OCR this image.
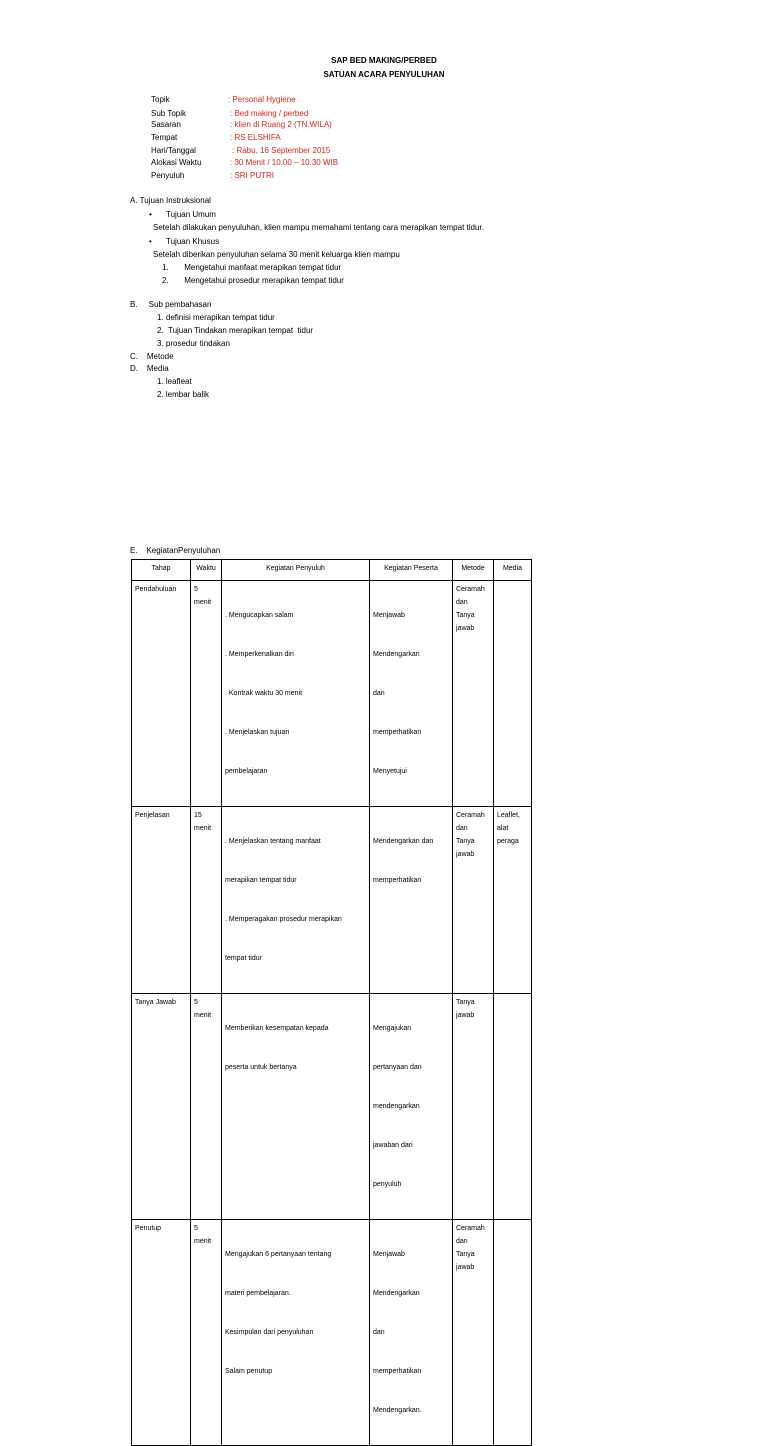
SAP BED MAKING/PERBED
SATUAN ACARA PENYULUHAN
Topik	: Personal Hygiene
Sub Topik	: Bed making / perbed
Sasaran	: klien di Ruang 2 (TN.WILA)
Tempat	: RS ELSHIFA
Hari/Tanggal	: Rabu, 16 September 2015
Alokasi Waktu	: 30 Menit / 10.00 – 10.30 WIB
Penyuluh	: SRI PUTRI
A. Tujuan Instruksional
• Tujuan Umum
Setelah dilakukan penyuluhan, klien mampu memahami tentang cara merapikan tempat tidur.
• Tujuan Khusus
Setelah diberikan penyuluhan selama 30 menit keluarga klien mampu
1.       Mengetahui manfaat merapikan tempat tidur
2.       Mengetahui prosedur merapikan tempat tidur
B.     Sub pembahasan
1. definisi merapikan tempat tidur
2.  Tujuan Tindakan merapikan tempat  tidur
3. prosedur tindakan
C.    Metode
D.    Media
1. leafleat
2. lembar balik
E.    KegiatanPenyuluhan
Tahap	Waktu	Kegiatan Penyuluh	Kegiatan Peserta	Metode	Media
Pendahuluan	5
menit	. Mengucapkan salam

. Memperkenalkan diri

. Kontrak waktu 30 menit

. Menjelaskan tujuan

pembelajaran	Menjawab

Mendengarkan

dan

memperhatikan

Menyetujui	Ceramah
dan
Tanya
jawab	

Penjelasan	15
menit	. Menjelaskan tentang manfaat

merapikan tempat tidur

. Memperagakan prosedur merapikan

tempat tidur	Mendengarkan dan

memperhatikan	Ceramah
dan
Tanya
jawab	Leaflet,
alat
peraga

Tanya Jawab	5
menit	Memberikan kesempatan kepada

peserta untuk bertanya	Mengajukan

pertanyaan dan

mendengarkan

jawaban dari

penyuluh	Tanya
jawab	

Penutup	5
menit	Mengajukan 6 pertanyaan tentang

materi pembelajaran.

Kesimpulan dari penyuluhan

Salam penutup	Menjawab

Mendengarkan

dan

memperhatikan

Mendengarkan.	Ceramah
dan
Tanya
jawab	
